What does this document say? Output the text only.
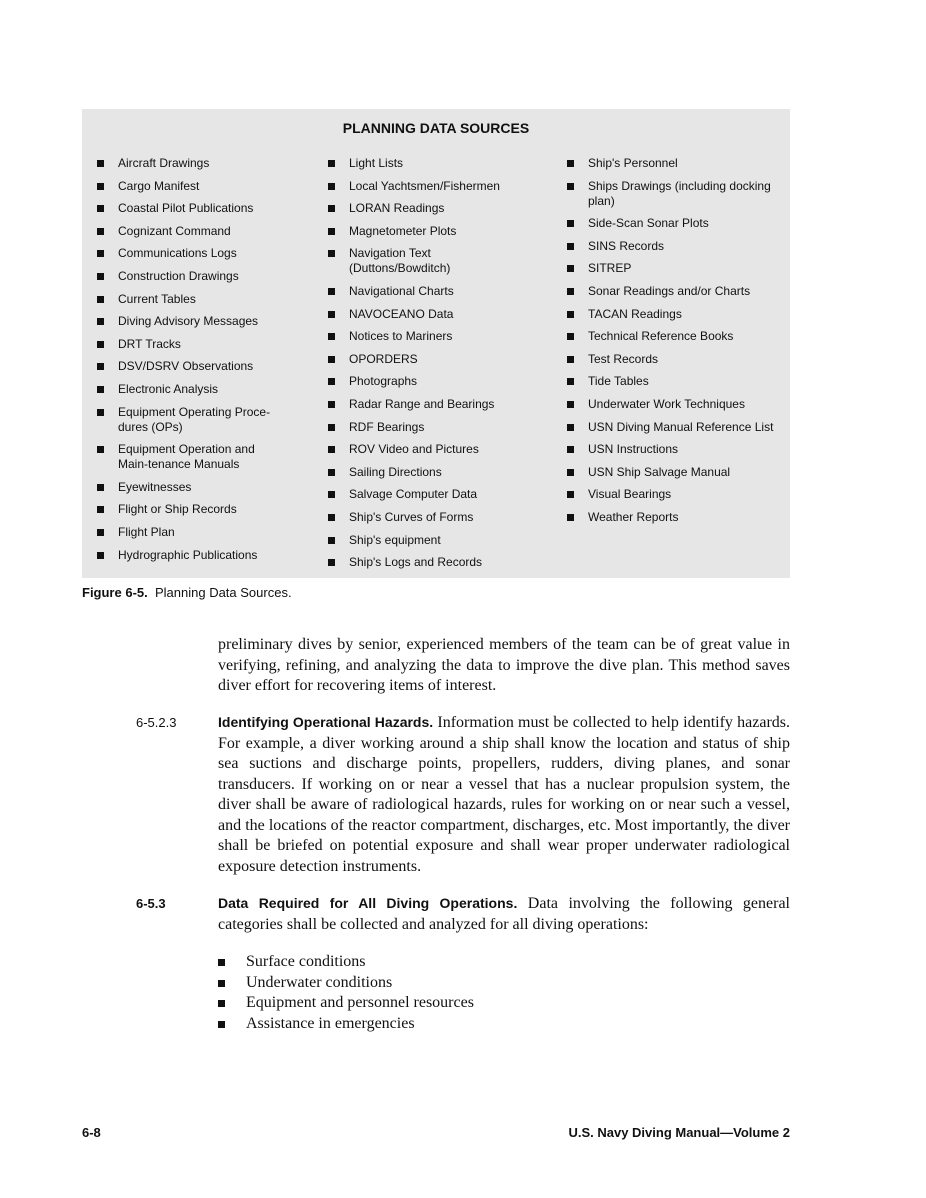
PLANNING DATA SOURCES
Aircraft Drawings
Cargo Manifest
Coastal Pilot Publications
Cognizant Command
Communications Logs
Construction Drawings
Current Tables
Diving Advisory Messages
DRT Tracks
DSV/DSRV Observations
Electronic Analysis
Equipment Operating Proce-dures (OPs)
Equipment Operation and Main-tenance Manuals
Eyewitnesses
Flight or Ship Records
Flight Plan
Hydrographic Publications
Light Lists
Local Yachtsmen/Fishermen
LORAN Readings
Magnetometer Plots
Navigation Text (Duttons/Bowditch)
Navigational Charts
NAVOCEANO Data
Notices to Mariners
OPORDERS
Photographs
Radar Range and Bearings
RDF Bearings
ROV Video and Pictures
Sailing Directions
Salvage Computer Data
Ship's Curves of Forms
Ship's equipment
Ship's Logs and Records
Ship's Personnel
Ships Drawings (including docking plan)
Side-Scan Sonar Plots
SINS Records
SITREP
Sonar Readings and/or Charts
TACAN Readings
Technical Reference Books
Test Records
Tide Tables
Underwater Work Techniques
USN Diving Manual Reference List
USN Instructions
USN Ship Salvage Manual
Visual Bearings
Weather Reports
Figure 6-5. Planning Data Sources.
preliminary dives by senior, experienced members of the team can be of great value in verifying, refining, and analyzing the data to improve the dive plan. This method saves diver effort for recovering items of interest.
6-5.2.3	Identifying Operational Hazards. Information must be collected to help identify hazards. For example, a diver working around a ship shall know the location and status of ship sea suctions and discharge points, propellers, rudders, diving planes, and sonar transducers. If working on or near a vessel that has a nuclear propulsion system, the diver shall be aware of radiological hazards, rules for working on or near such a vessel, and the locations of the reactor compartment, discharges, etc. Most importantly, the diver shall be briefed on potential exposure and shall wear proper underwater radiological exposure detection instruments.
6-5.3	Data Required for All Diving Operations. Data involving the following general categories shall be collected and analyzed for all diving operations:
Surface conditions
Underwater conditions
Equipment and personnel resources
Assistance in emergencies
6-8	U.S. Navy Diving Manual—Volume 2
